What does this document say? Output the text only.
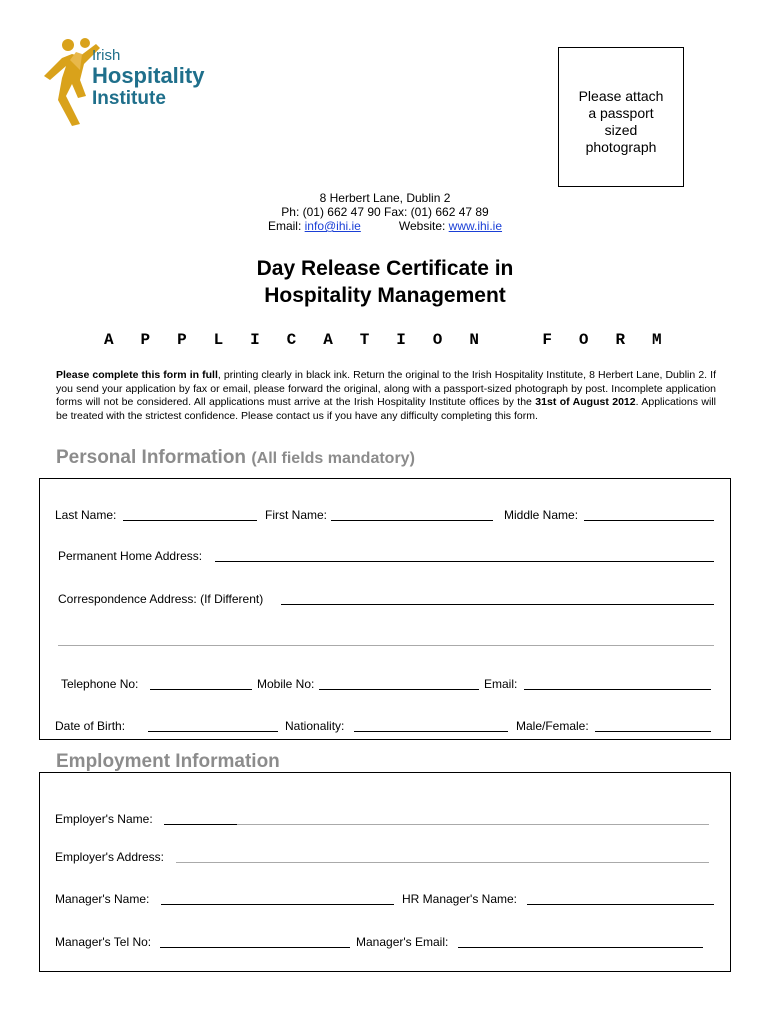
Irish
Hospitality
Institute	Please attach
a passport
sized
photograph
8 Herbert Lane, Dublin 2
Ph: (01) 662 47 90 Fax: (01) 662 47 89
Email: info@ihi.ie	Website: www.ihi.ie
Day Release Certificate in
Hospitality Management
A P P L I C A T I O N	F O R M
Please complete this form in full, printing clearly in black ink. Return the original to the Irish Hospitality Institute, 8 Herbert Lane, Dublin 2. If you send your application by fax or email, please forward the original, along with a passport-sized photograph by post. Incomplete application forms will not be considered. All applications must arrive at the Irish Hospitality Institute offices by the 31st of August 2012. Applications will be treated with the strictest confidence. Please contact us if you have any difficulty completing this form.
Personal Information (All fields mandatory)
Last Name:	First Name:	Middle Name:
Permanent Home Address:
Correspondence Address: (If Different)
Telephone No:	Mobile No:	Email:
Date of Birth:	Nationality:	Male/Female:
Employment Information
Employer's Name:
Employer's Address:
Manager's Name:	HR Manager's Name:
Manager's Tel No:	Manager's Email:
